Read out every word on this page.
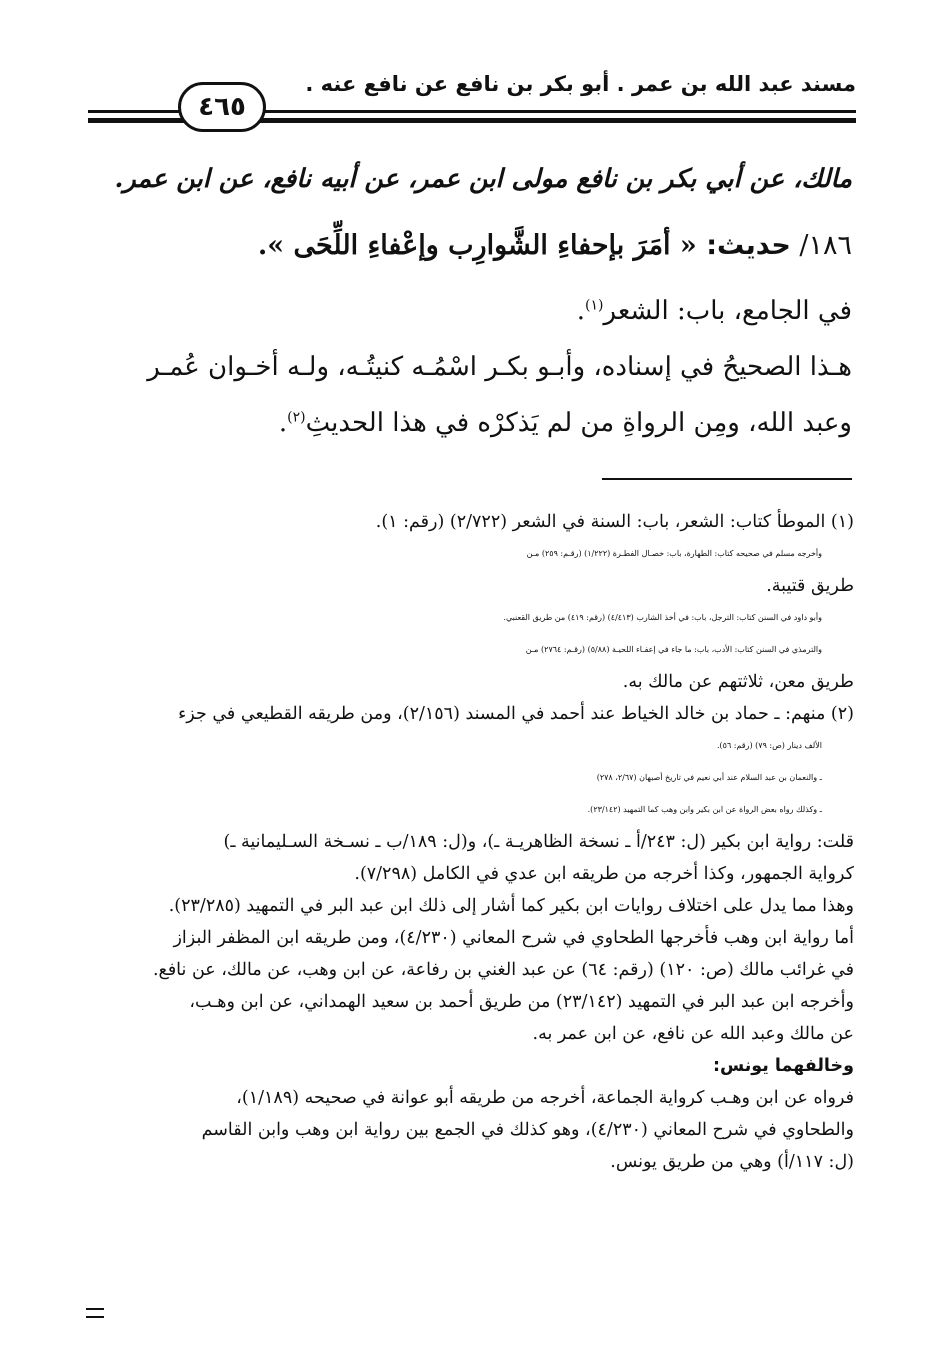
مسند عبد الله بن عمر . أبو بكر بن نافع عن نافع عنه .
٤٦٥
مالك، عن أبي بكر بن نافع مولى ابن عمر، عن أبيه نافع، عن ابن عمر.
١٨٦/ حديث: « أمَرَ بإحفاءِ الشَّوارِب وإعْفاءِ اللِّحَى ».
في الجامع، باب: الشعر$^{(١)}$.
هـذا الصحيحُ في إسناده، وأبـو بكـر اسْمُـه كنيتُـه، ولـه أخـوان عُمـر
وعبد الله، ومِن الرواةِ من لم يَذكرْه في هذا الحديثِ$^{(٢)}$.
(١) الموطأ كتاب: الشعر، باب: السنة في الشعر (٢/٧٢٢) (رقم: ١).
وأخرجه مسلم في صحيحه كتاب: الطهارة، باب: خصـال الفطـرة (١/٢٢٢) (رقـم: ٢٥٩) مـن
طريق قتيبة.
وأبو داود في السنن كتاب: الترجل، باب: في أخذ الشارب (٤/٤١٣) (رقم: ٤١٩) من طريق القعنبي.
والترمذي في السنن كتاب: الأدب، باب: ما جاء في إعفـاء اللحيـة (٥/٨٨) (رقـم: ٢٧٦٤) مـن
طريق معن، ثلاثتهم عن مالك به.
(٢) منهم: ـ حماد بن خالد الخياط عند أحمد في المسند (٢/١٥٦)، ومن طريقه القطيعي في جزء
الألف دينار (ص: ٧٩) (رقم: ٥٦).
ـ والنعمان بن عبد السلام عند أبي نعيم في تاريخ أصبهان (٢/٦٧، ٢٧٨)
ـ وكذلك رواه بعض الرواة عن ابن بكير وابن وهب كما التمهيد (٢٣/١٤٢).
قلت: رواية ابن بكير (ل: ٢٤٣/أ ـ نسخة الظاهريـة ـ)، و(ل: ١٨٩/ب ـ نسـخة السـليمانية ـ)
كرواية الجمهور، وكذا أخرجه من طريقه ابن عدي في الكامل (٧/٢٩٨).
وهذا مما يدل على اختلاف روايات ابن بكير كما أشار إلى ذلك ابن عبد البر في التمهيد (٢٣/٢٨٥).
أما رواية ابن وهب فأخرجها الطحاوي في شرح المعاني (٤/٢٣٠)، ومن طريقه ابن المظفر البزاز
في غرائب مالك (ص: ١٢٠) (رقم: ٦٤) عن عبد الغني بن رفاعة، عن ابن وهب، عن مالك، عن نافع.
وأخرجه ابن عبد البر في التمهيد (٢٣/١٤٢) من طريق أحمد بن سعيد الهمداني، عن ابن وهـب،
عن مالك وعبد الله عن نافع، عن ابن عمر به.
وخالفهما يونس:
فرواه عن ابن وهـب كرواية الجماعة، أخرجه من طريقه أبو عوانة في صحيحه (١/١٨٩)،
والطحاوي في شرح المعاني (٤/٢٣٠)، وهو كذلك في الجمع بين رواية ابن وهب وابن القاسم
(ل: ١١٧/أ) وهي من طريق يونس.
